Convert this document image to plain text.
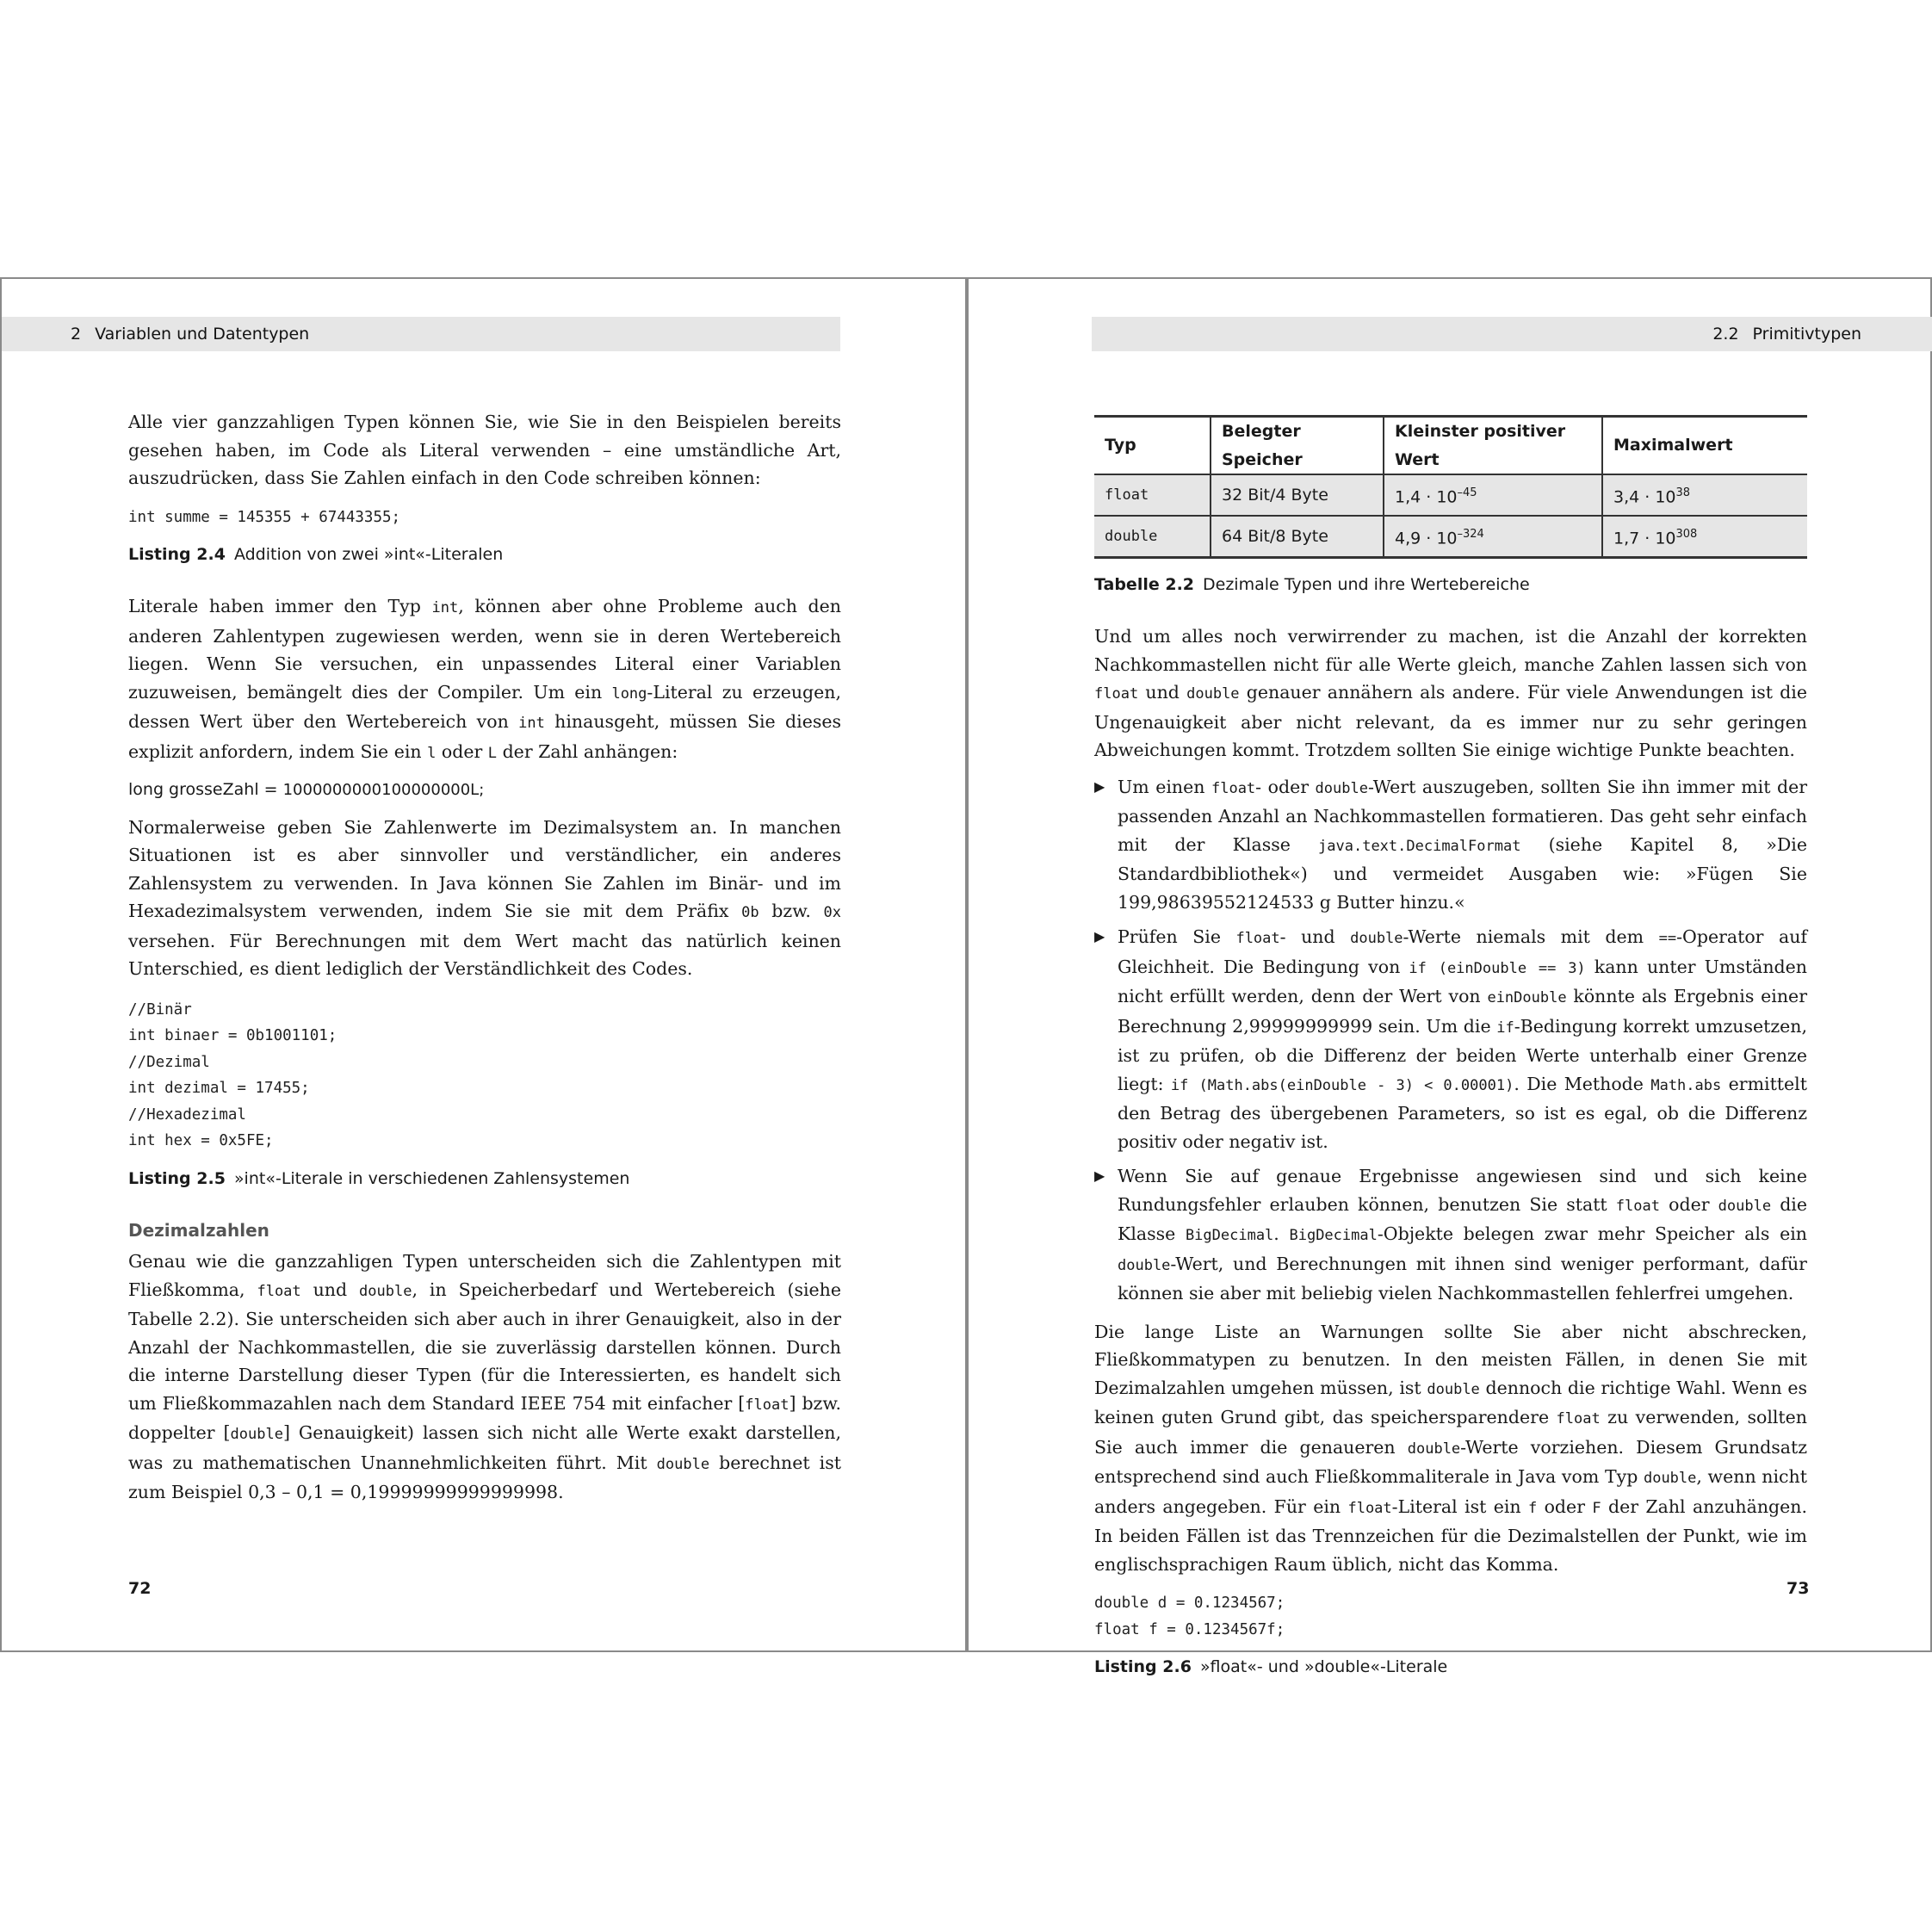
2 Variablen und Datentypen

Alle vier ganzzahligen Typen können Sie, wie Sie in den Beispielen bereits gesehen haben, im Code als Literal verwenden – eine umständliche Art, auszudrücken, dass Sie Zahlen einfach in den Code schreiben können:

int summe = 145355 + 67443355;
Listing 2.4 Addition von zwei »int«-Literalen

Literale haben immer den Typ int, können aber ohne Probleme auch den anderen Zahlentypen zugewiesen werden, wenn sie in deren Wertebereich liegen. Wenn Sie versuchen, ein unpassendes Literal einer Variablen zuzuweisen, bemängelt dies der Compiler. Um ein long-Literal zu erzeugen, dessen Wert über den Wertebereich von int hinausgeht, müssen Sie dieses explizit anfordern, indem Sie ein l oder L der Zahl anhängen:

long grosseZahl = 1000000000100000000L;

Normalerweise geben Sie Zahlenwerte im Dezimalsystem an. In manchen Situationen ist es aber sinnvoller und verständlicher, ein anderes Zahlensystem zu verwenden. In Java können Sie Zahlen im Binär- und im Hexadezimalsystem verwenden, indem Sie sie mit dem Präfix 0b bzw. 0x versehen. Für Berechnungen mit dem Wert macht das natürlich keinen Unterschied, es dient lediglich der Verständlichkeit des Codes.

//Binär
int binaer = 0b1001101;
//Dezimal
int dezimal = 17455;
//Hexadezimal
int hex = 0x5FE;
Listing 2.5 »int«-Literale in verschiedenen Zahlensystemen
Dezimalzahlen

Genau wie die ganzzahligen Typen unterscheiden sich die Zahlentypen mit Fließkomma, float und double, in Speicherbedarf und Wertebereich (siehe Tabelle 2.2). Sie unterscheiden sich aber auch in ihrer Genauigkeit, also in der Anzahl der Nachkommastellen, die sie zuverlässig darstellen können. Durch die interne Darstellung dieser Typen (für die Interessierten, es handelt sich um Fließkommazahlen nach dem Standard IEEE 754 mit einfacher [float] bzw. doppelter [double] Genauigkeit) lassen sich nicht alle Werte exakt darstellen, was zu mathematischen Unannehmlichkeiten führt. Mit double berechnet ist zum Beispiel 0,3 – 0,1 = 0,19999999999999998.

72
2.2 Primitivtypen
Typ	Belegter Speicher	Kleinster positiver Wert	Maximalwert
float	32 Bit/4 Byte	$1,4 \cdot 10^{-45}$	$3,4 \cdot 10^{38}$
double	64 Bit/8 Byte	$4,9 \cdot 10^{-324}$	$1,7 \cdot 10^{308}$
Tabelle 2.2 Dezimale Typen und ihre Wertebereiche

Und um alles noch verwirrender zu machen, ist die Anzahl der korrekten Nachkommastellen nicht für alle Werte gleich, manche Zahlen lassen sich von float und double genauer annähern als andere. Für viele Anwendungen ist die Ungenauigkeit aber nicht relevant, da es immer nur zu sehr geringen Abweichungen kommt. Trotzdem sollten Sie einige wichtige Punkte beachten.

▶ Um einen float- oder double-Wert auszugeben, sollten Sie ihn immer mit der passenden Anzahl an Nachkommastellen formatieren. Das geht sehr einfach mit der Klasse java.text.DecimalFormat (siehe Kapitel 8, »Die Standardbibliothek«) und vermeidet Ausgaben wie: »Fügen Sie 199,98639552124533 g Butter hinzu.«
▶ Prüfen Sie float- und double-Werte niemals mit dem ==-Operator auf Gleichheit. Die Bedingung von if (einDouble == 3) kann unter Umständen nicht erfüllt werden, denn der Wert von einDouble könnte als Ergebnis einer Berechnung 2,99999999999 sein. Um die if-Bedingung korrekt umzusetzen, ist zu prüfen, ob die Differenz der beiden Werte unterhalb einer Grenze liegt: if (Math.abs(einDouble - 3) < 0.00001). Die Methode Math.abs ermittelt den Betrag des übergebenen Parameters, so ist es egal, ob die Differenz positiv oder negativ ist.
▶ Wenn Sie auf genaue Ergebnisse angewiesen sind und sich keine Rundungsfehler erlauben können, benutzen Sie statt float oder double die Klasse BigDecimal. BigDecimal-Objekte belegen zwar mehr Speicher als ein double-Wert, und Berechnungen mit ihnen sind weniger performant, dafür können sie aber mit beliebig vielen Nachkommastellen fehlerfrei umgehen.

Die lange Liste an Warnungen sollte Sie aber nicht abschrecken, Fließkommatypen zu benutzen. In den meisten Fällen, in denen Sie mit Dezimalzahlen umgehen müssen, ist double dennoch die richtige Wahl. Wenn es keinen guten Grund gibt, das speichersparendere float zu verwenden, sollten Sie auch immer die genaueren double-Werte vorziehen. Diesem Grundsatz entsprechend sind auch Fließkommaliterale in Java vom Typ double, wenn nicht anders angegeben. Für ein float-Literal ist ein f oder F der Zahl anzuhängen. In beiden Fällen ist das Trennzeichen für die Dezimalstellen der Punkt, wie im englischsprachigen Raum üblich, nicht das Komma.

double d = 0.1234567;
float f = 0.1234567f;
Listing 2.6 »float«- und »double«-Literale
73
